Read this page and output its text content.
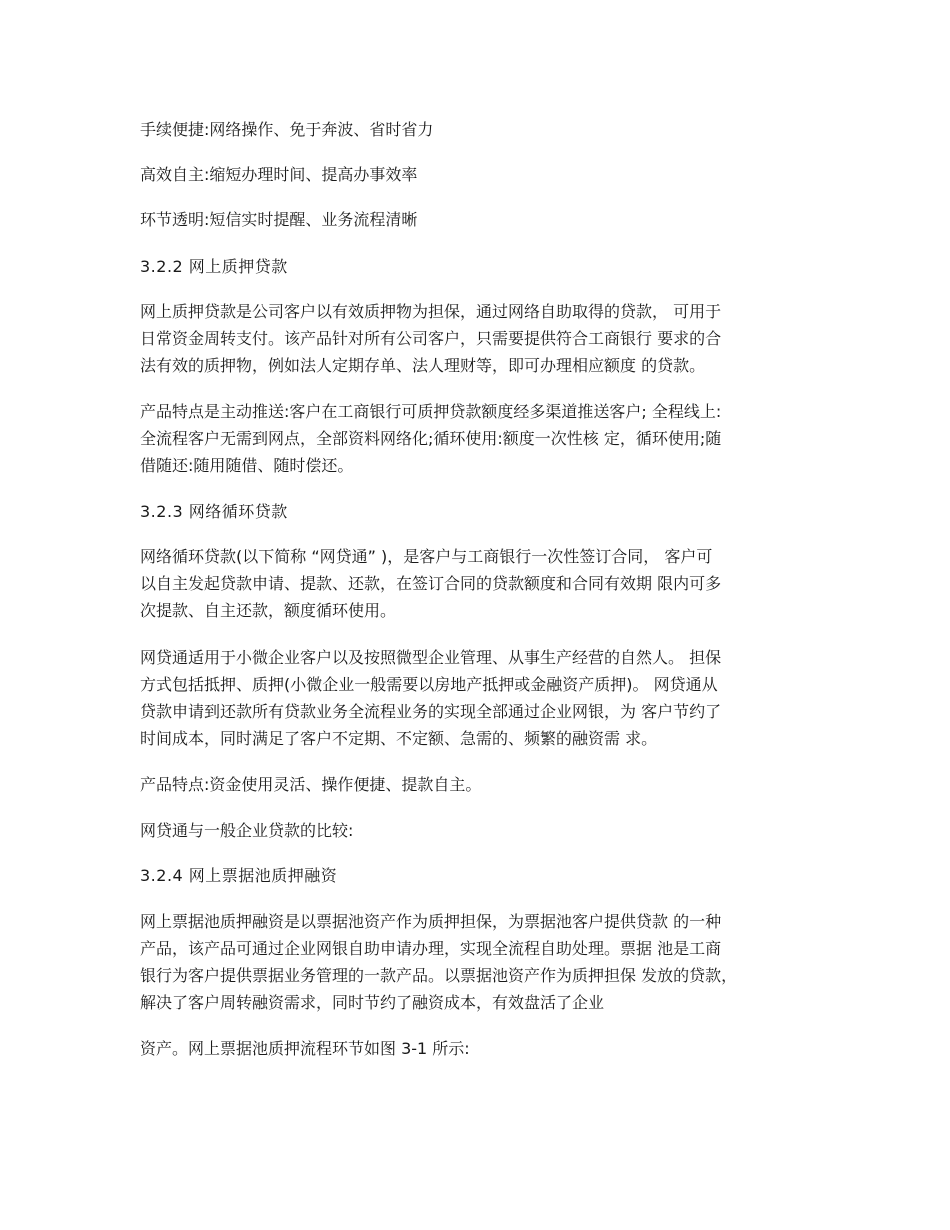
手续便捷:网络操作、免于奔波、省时省力

高效自主:缩短办理时间、提高办事效率

环节透明:短信实时提醒、业务流程清晰

3.2.2 网上质押贷款

网上质押贷款是公司客户以有效质押物为担保，通过网络自助取得的贷款， 可用于
日常资金周转支付。该产品针对所有公司客户，只需要提供符合工商银行 要求的合
法有效的质押物，例如法人定期存单、法人理财等，即可办理相应额度 的贷款。

产品特点是主动推送:客户在工商银行可质押贷款额度经多渠道推送客户; 全程线上:
全流程客户无需到网点，全部资料网络化;循环使用:额度一次性核 定，循环使用;随
借随还:随用随借、随时偿还。

3.2.3 网络循环贷款

网络循环贷款(以下简称 “网贷通” )，是客户与工商银行一次性签订合同， 客户可
以自主发起贷款申请、提款、还款，在签订合同的贷款额度和合同有效期 限内可多
次提款、自主还款，额度循环使用。

网贷通适用于小微企业客户以及按照微型企业管理、从事生产经营的自然人。 担保
方式包括抵押、质押(小微企业一般需要以房地产抵押或金融资产质押)。 网贷通从
贷款申请到还款所有贷款业务全流程业务的实现全部通过企业网银，为 客户节约了
时间成本，同时满足了客户不定期、不定额、急需的、频繁的融资需 求。

产品特点:资金使用灵活、操作便捷、提款自主。

网贷通与一般企业贷款的比较:

3.2.4 网上票据池质押融资

网上票据池质押融资是以票据池资产作为质押担保，为票据池客户提供贷款 的一种
产品，该产品可通过企业网银自助申请办理，实现全流程自助处理。票据 池是工商
银行为客户提供票据业务管理的一款产品。以票据池资产作为质押担保 发放的贷款，
解决了客户周转融资需求，同时节约了融资成本，有效盘活了企业

资产。网上票据池质押流程环节如图 3-1 所示:
